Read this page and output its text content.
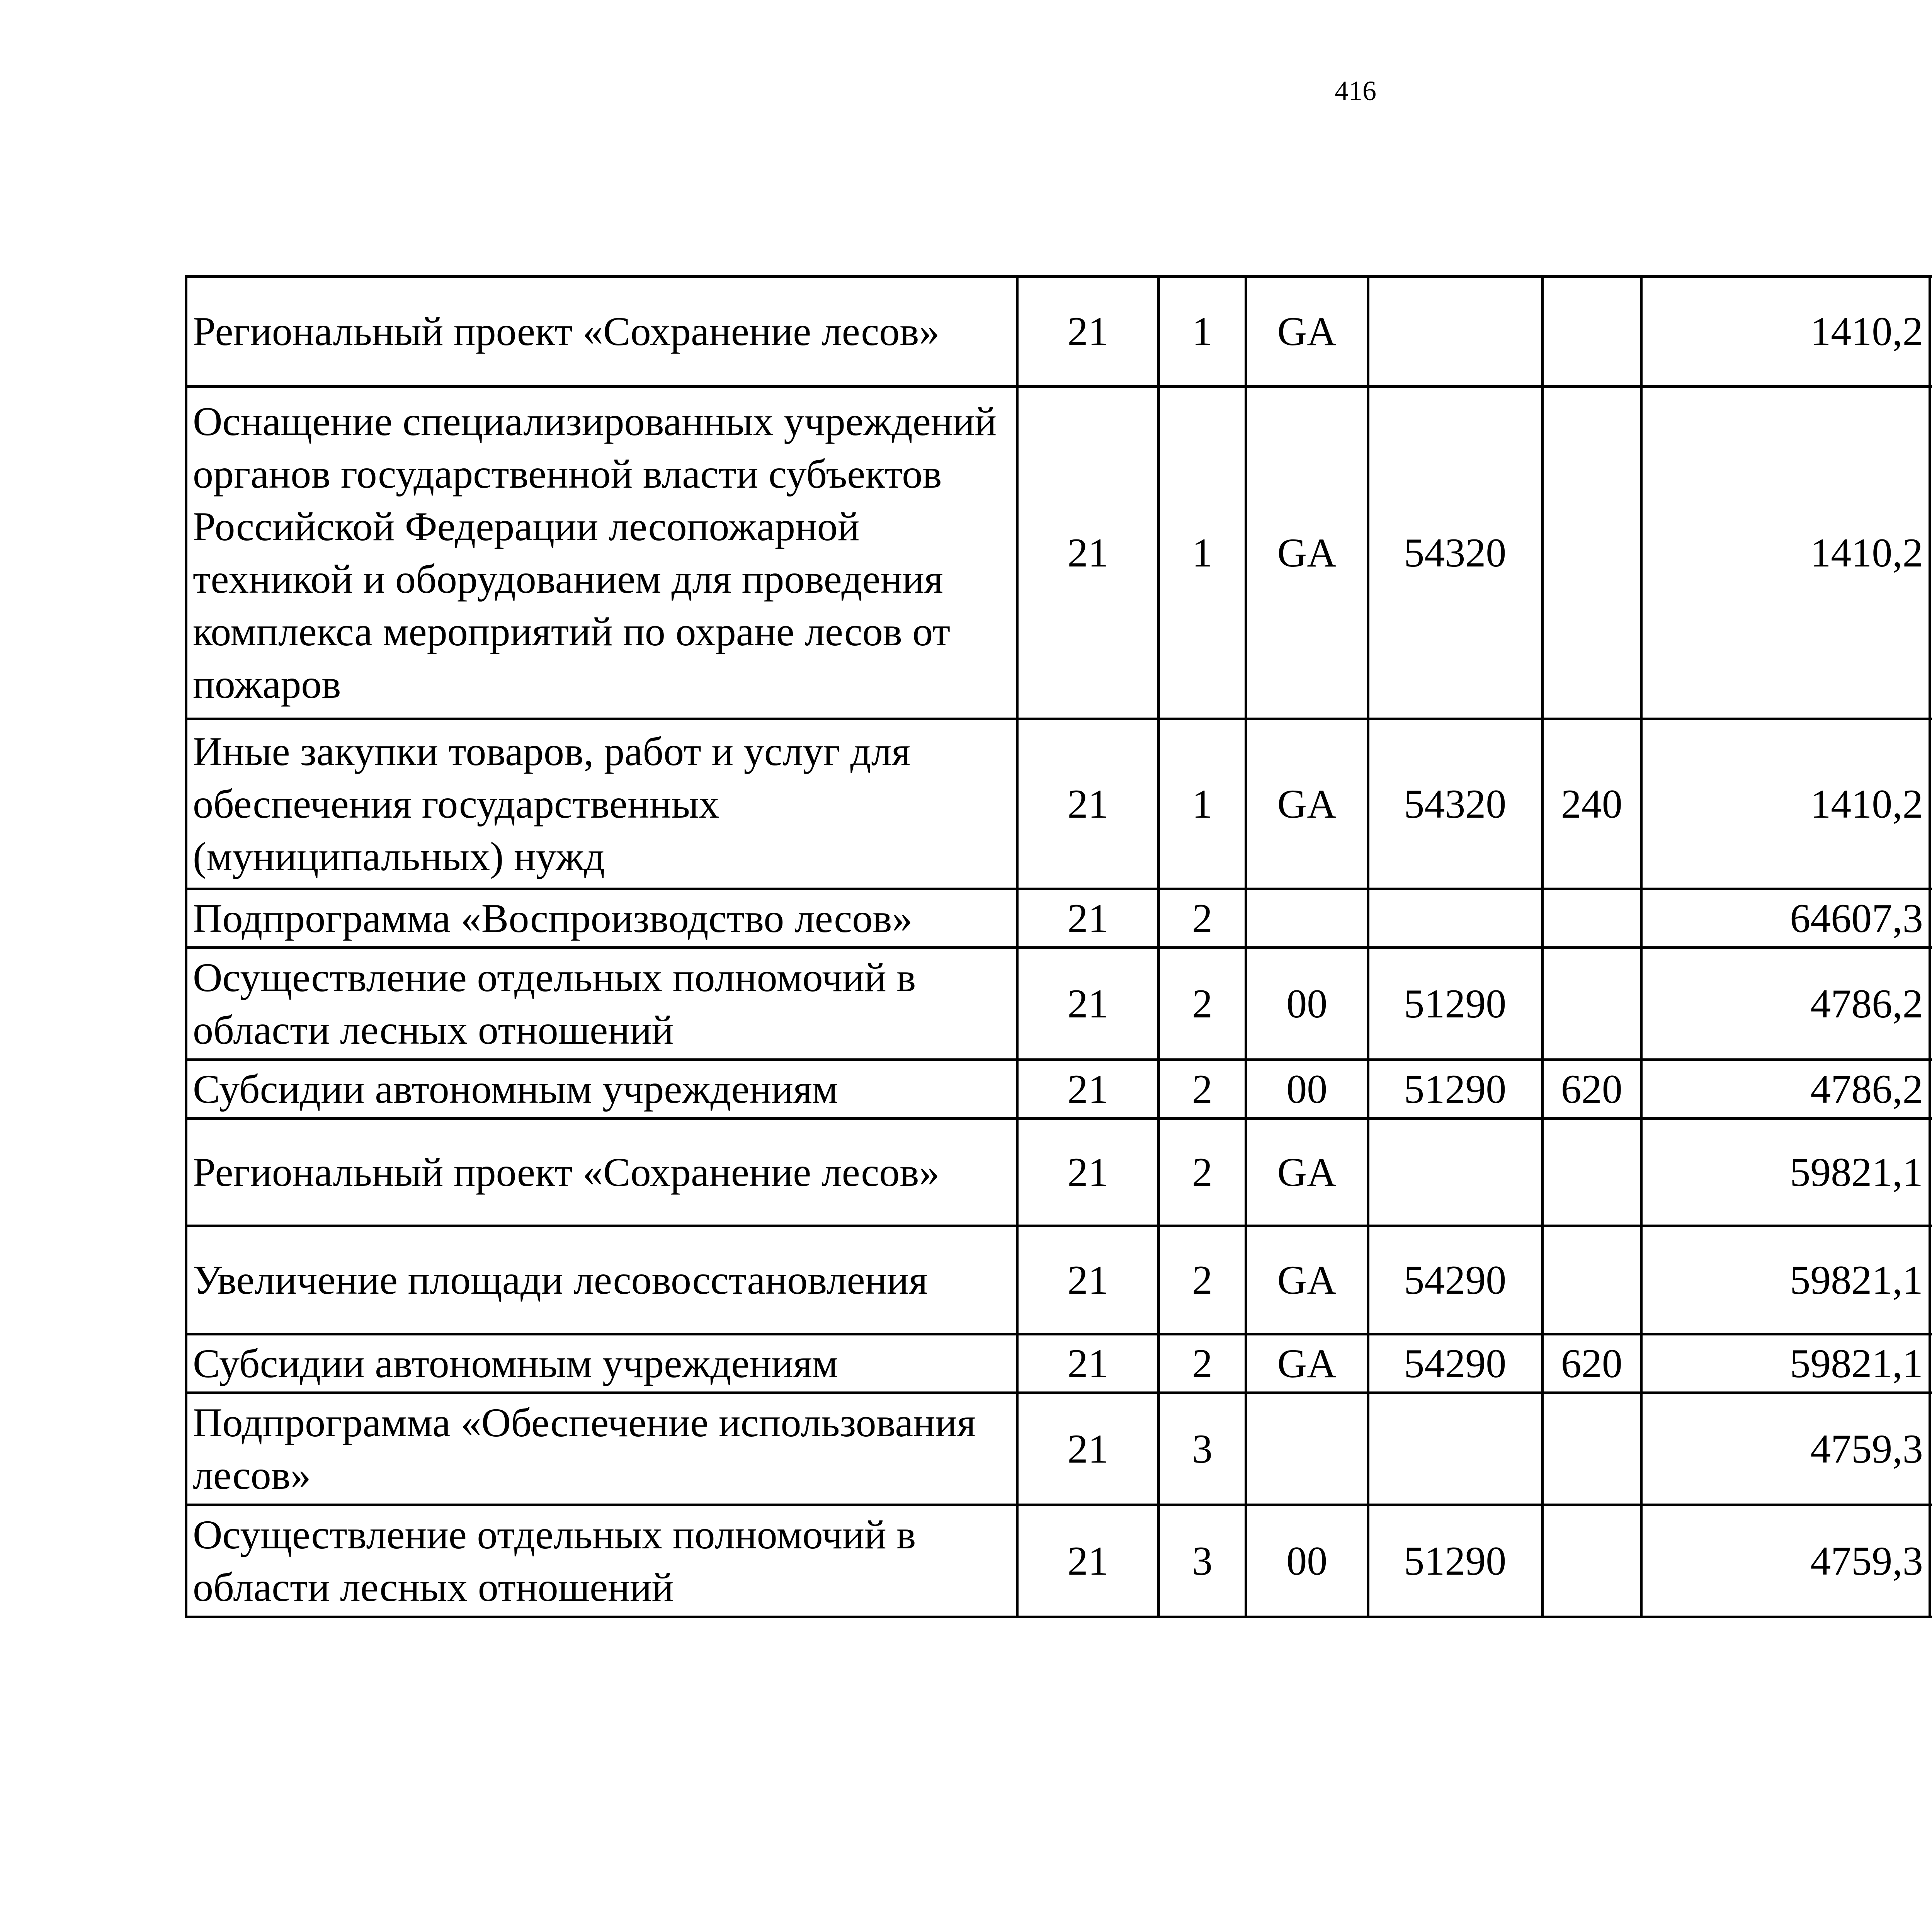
416
Региональный проект «Сохранение лесов»	21	1	GA			1410,2		
Оснащение специализированных учреждений органов государственной власти субъектов Российской Федерации лесопожарной техникой и оборудованием для проведения комплекса мероприятий по охране лесов от пожаров	21	1	GA	54320		1410,2		
Иные закупки товаров, работ и услуг для обеспечения государственных (муниципальных) нужд	21	1	GA	54320	240	1410,2		
Подпрограмма «Воспроизводство лесов»	21	2				64607,3		
Осуществление отдельных полномочий в области лесных отношений	21	2	00	51290		4786,2		
Субсидии автономным учреждениям	21	2	00	51290	620	4786,2		
Региональный проект «Сохранение лесов»	21	2	GA			59821,1		
Увеличение площади лесовосстановления	21	2	GA	54290		59821,1		
Субсидии автономным учреждениям	21	2	GA	54290	620	59821,1		
Подпрограмма «Обеспечение использования лесов»	21	3				4759,3		
Осуществление отдельных полномочий в области лесных отношений	21	3	00	51290		4759,3		
